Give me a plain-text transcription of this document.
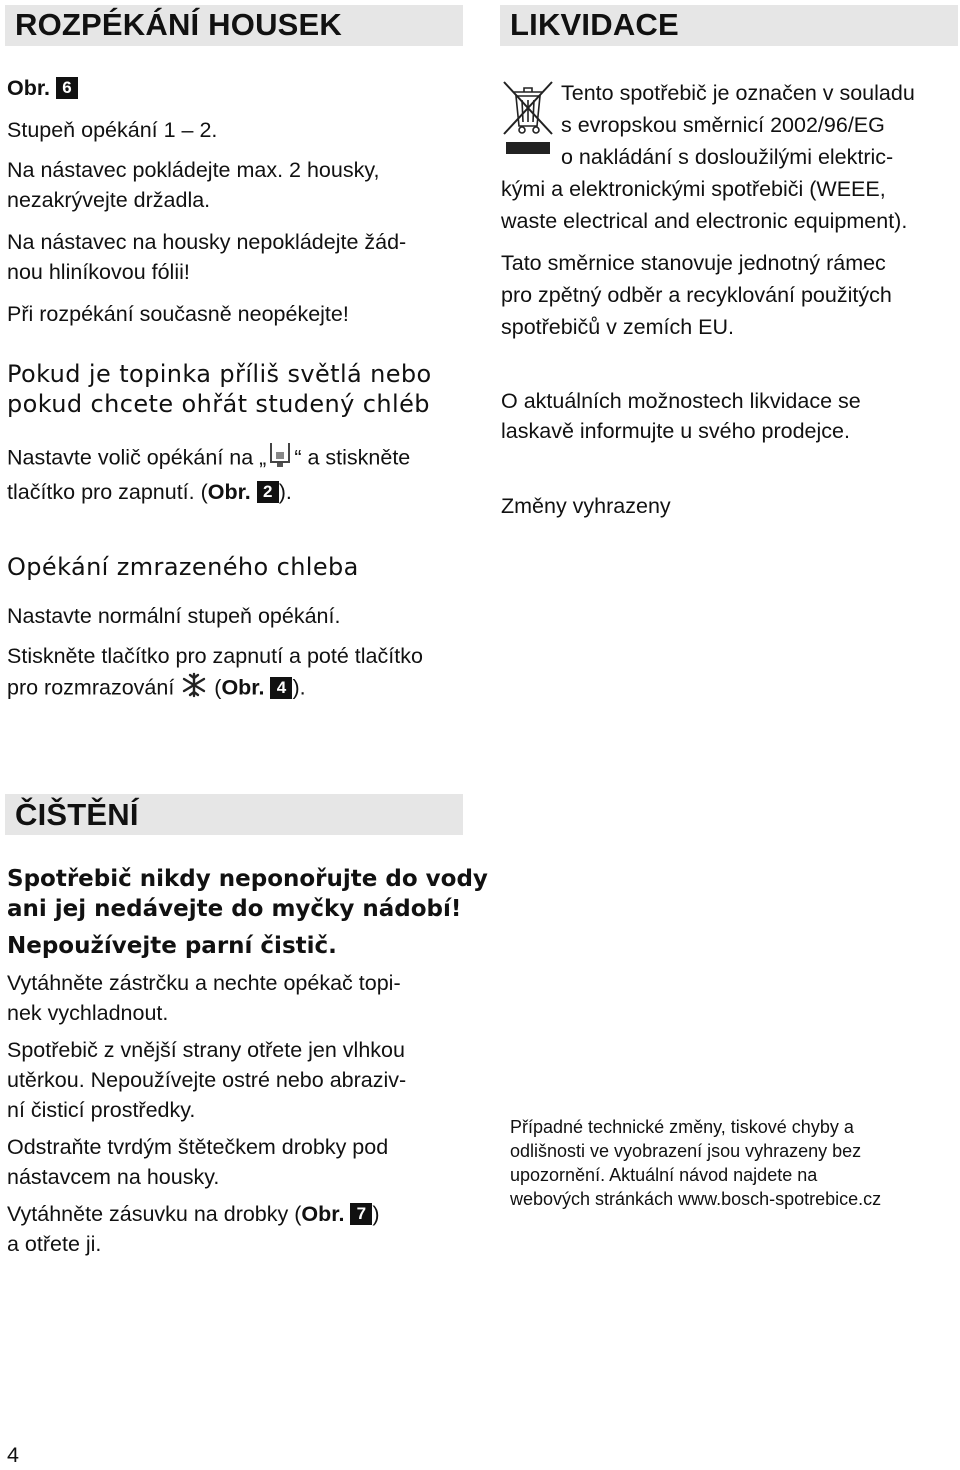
ROZPÉKÁNÍ HOUSEK

Obr. 6

Stupeň opékání 1 – 2.

Na nástavec pokládejte max. 2 housky,

nezakrývejte držadla.

Na nástavec na housky nepokládejte žád-

nou hliníkovou fólii!

Při rozpékání současně neopékejte!

Pokud je topinka příliš světlá nebo

pokud chcete ohřát studený chléb

Nastavte volič opékání na „ “ a stiskněte

tlačítko pro zapnutí. (Obr. 2 ).

Opékání zmrazeného chleba

Nastavte normální stupeň opékání.

Stiskněte tlačítko pro zapnutí a poté tlačítko

pro rozmrazování (Obr. 4 ).

ČIŠTĚNÍ

Spotřebič nikdy neponořujte do vody

ani jej nedávejte do myčky nádobí!

Nepoužívejte parní čistič.

Vytáhněte zástrčku a nechte opékač topi-

nek vychladnout.

Spotřebič z vnější strany otřete jen vlhkou

utěrkou. Nepoužívejte ostré nebo abraziv-

ní čisticí prostředky.

Odstraňte tvrdým štětečkem drobky pod

nástavcem na housky.

Vytáhněte zásuvku na drobky (Obr. 7 )

a otřete ji.

4

LIKVIDACE

Tento spotřebič je označen v souladu

s evropskou směrnicí 2002/96/EG

o nakládání s dosloužilými elektric-

kými a elektronickými spotřebiči (WEEE,

waste electrical and electronic equipment).

Tato směrnice stanovuje jednotný rámec

pro zpětný odběr a recyklování použitých

spotřebičů v zemích EU.

O aktuálních možnostech likvidace se

laskavě informujte u svého prodejce.

Změny vyhrazeny

Případné technické změny, tiskové chyby a

odlišnosti ve vyobrazení jsou vyhrazeny bez

upozornění. Aktuální návod najdete na

webových stránkách www.bosch-spotrebice.cz
